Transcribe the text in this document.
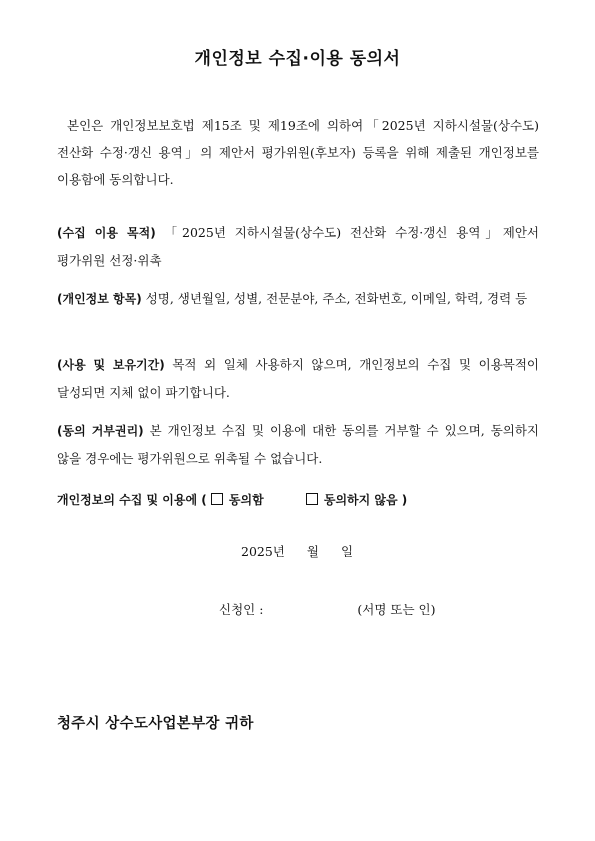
개인정보 수집·이용 동의서
본인은 개인정보보호법 제15조 및 제19조에 의하여「2025년 지하시설물(상수도) 전산화 수정·갱신 용역」의 제안서 평가위원(후보자) 등록을 위해 제출된 개인정보를 이용함에 동의합니다.
(수집 이용 목적) 「2025년 지하시설물(상수도) 전산화 수정·갱신 용역」제안서 평가위원 선정·위촉
(개인정보 항목) 성명, 생년월일, 성별, 전문분야, 주소, 전화번호, 이메일, 학력, 경력 등
(사용 및 보유기간) 목적 외 일체 사용하지 않으며, 개인정보의 수집 및 이용목적이 달성되면 지체 없이 파기합니다.
(동의 거부권리) 본 개인정보 수집 및 이용에 대한 동의를 거부할 수 있으며, 동의하지 않을 경우에는 평가위원으로 위촉될 수 없습니다.
개인정보의 수집 및 이용에 ( 동의함	동의하지 않음 )
2025년 월 일
신청인 :	(서명 또는 인)
청주시 상수도사업본부장 귀하
